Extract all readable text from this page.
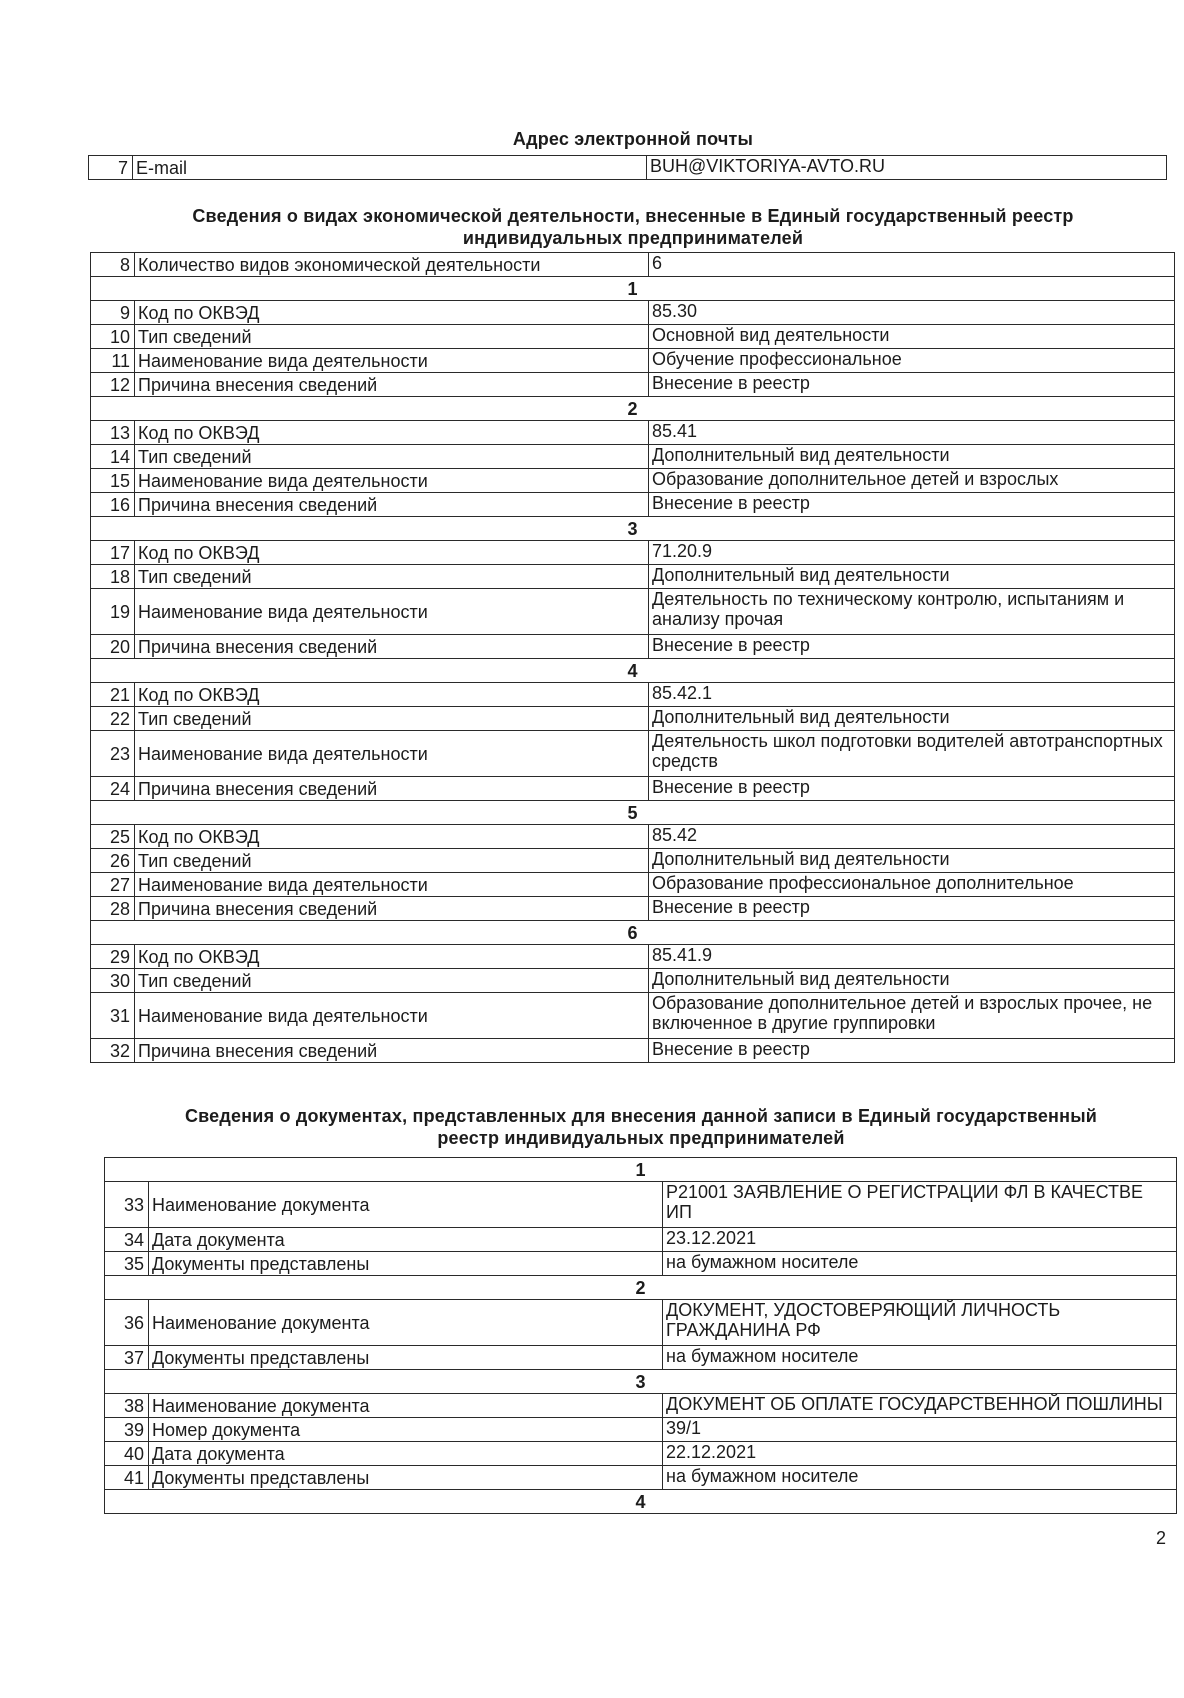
Адрес электронной почты
7	E-mail	BUH@VIKTORIYA-AVTO.RU
Сведения о видах экономической деятельности, внесенные в Единый государственный реестр
индивидуальных предпринимателей
8	Количество видов экономической деятельности	6
1		
9	Код по ОКВЭД	85.30
10	Тип сведений	Основной вид деятельности
11	Наименование вида деятельности	Обучение профессиональное
12	Причина внесения сведений	Внесение в реестр
2		
13	Код по ОКВЭД	85.41
14	Тип сведений	Дополнительный вид деятельности
15	Наименование вида деятельности	Образование дополнительное детей и взрослых
16	Причина внесения сведений	Внесение в реестр
3		
17	Код по ОКВЭД	71.20.9
18	Тип сведений	Дополнительный вид деятельности
19	Наименование вида деятельности	Деятельность по техническому контролю, испытаниям и анализу прочая
20	Причина внесения сведений	Внесение в реестр
4		
21	Код по ОКВЭД	85.42.1
22	Тип сведений	Дополнительный вид деятельности
23	Наименование вида деятельности	Деятельность школ подготовки водителей автотранспортных средств
24	Причина внесения сведений	Внесение в реестр
5		
25	Код по ОКВЭД	85.42
26	Тип сведений	Дополнительный вид деятельности
27	Наименование вида деятельности	Образование профессиональное дополнительное
28	Причина внесения сведений	Внесение в реестр
6		
29	Код по ОКВЭД	85.41.9
30	Тип сведений	Дополнительный вид деятельности
31	Наименование вида деятельности	Образование дополнительное детей и взрослых прочее, не включенное в другие группировки
32	Причина внесения сведений	Внесение в реестр
Сведения о документах, представленных для внесения данной записи в Единый государственный
реестр индивидуальных предпринимателей
1		
33	Наименование документа	Р21001 ЗАЯВЛЕНИЕ О РЕГИСТРАЦИИ ФЛ В КАЧЕСТВЕ ИП
34	Дата документа	23.12.2021
35	Документы представлены	на бумажном носителе
2		
36	Наименование документа	ДОКУМЕНТ, УДОСТОВЕРЯЮЩИЙ ЛИЧНОСТЬ ГРАЖДАНИНА РФ
37	Документы представлены	на бумажном носителе
3		
38	Наименование документа	ДОКУМЕНТ ОБ ОПЛАТЕ ГОСУДАРСТВЕННОЙ ПОШЛИНЫ
39	Номер документа	39/1
40	Дата документа	22.12.2021
41	Документы представлены	на бумажном носителе
4		
2
